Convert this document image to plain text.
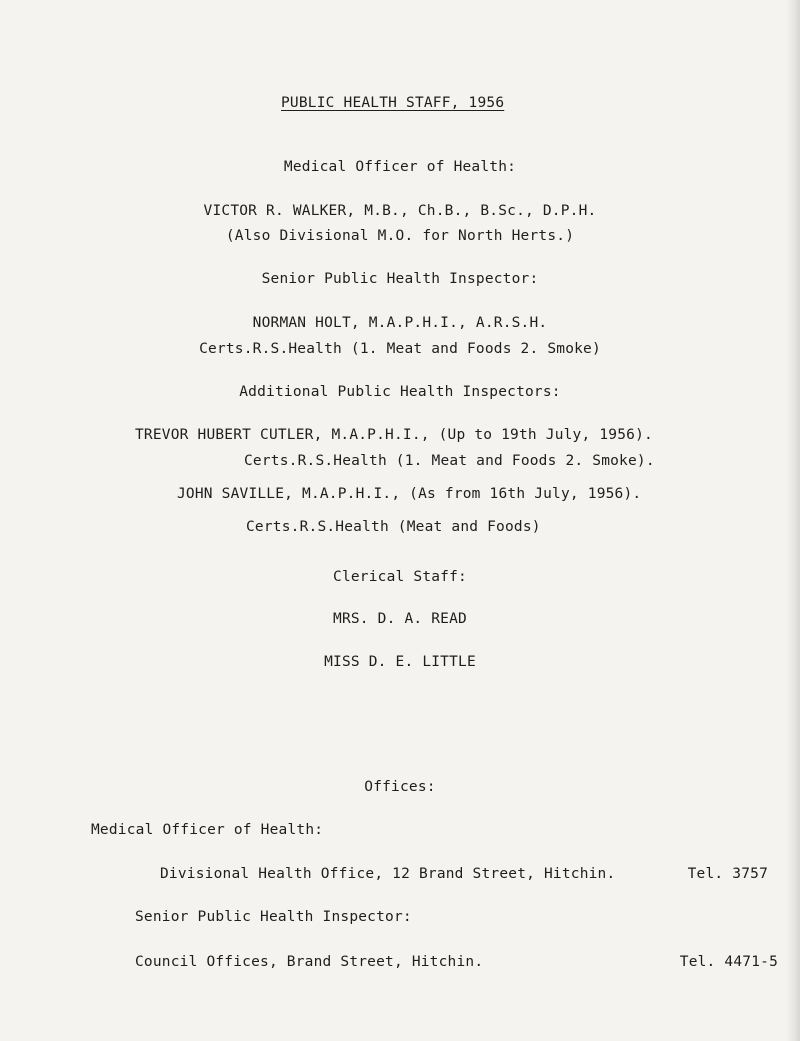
PUBLIC HEALTH STAFF, 1956
Medical Officer of Health:
VICTOR R. WALKER, M.B., Ch.B., B.Sc., D.P.H.
(Also Divisional M.O. for North Herts.)
Senior Public Health Inspector:
NORMAN HOLT, M.A.P.H.I., A.R.S.H.
Certs.R.S.Health (1. Meat and Foods 2. Smoke)
Additional Public Health Inspectors:
TREVOR HUBERT CUTLER, M.A.P.H.I., (Up to 19th July, 1956).
Certs.R.S.Health (1. Meat and Foods 2. Smoke).
JOHN SAVILLE, M.A.P.H.I., (As from 16th July, 1956).
Certs.R.S.Health (Meat and Foods)
Clerical Staff:
MRS. D. A. READ
MISS D. E. LITTLE
Offices:
Medical Officer of Health:
Divisional Health Office, 12 Brand Street, Hitchin.	Tel. 3757
Senior Public Health Inspector:
Council Offices, Brand Street, Hitchin.	Tel. 4471-5
